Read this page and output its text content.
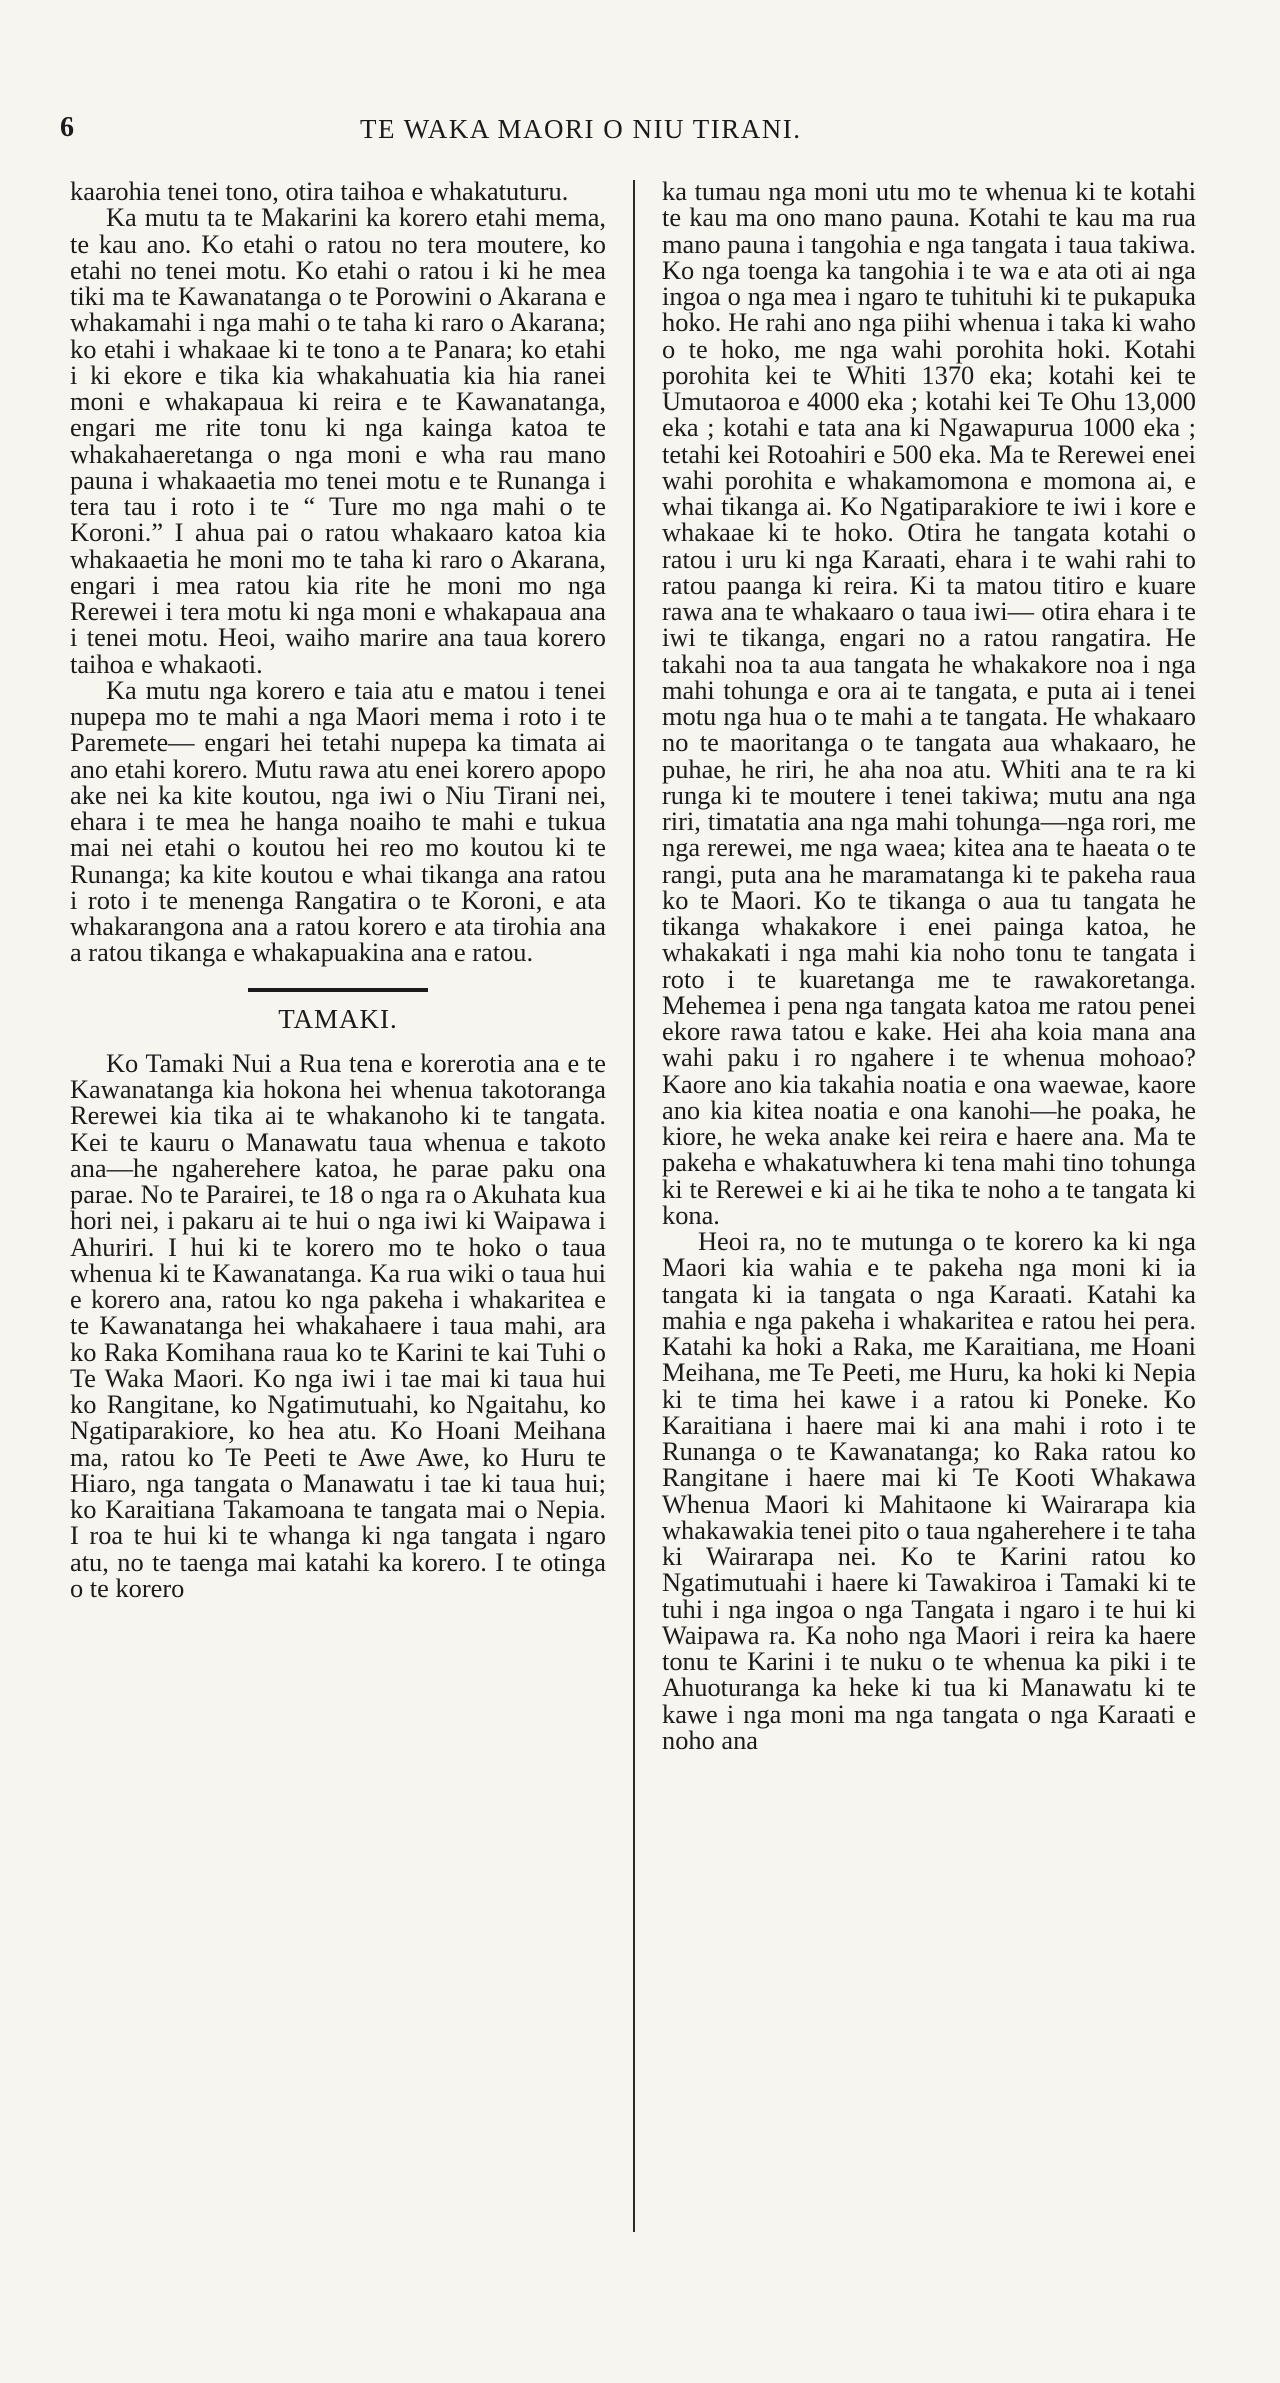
6	TE WAKA MAORI O NIU TIRANI.

kaarohia tenei tono, otira taihoa e whakatuturu.

Ka mutu ta te Makarini ka korero etahi mema, te kau ano. Ko etahi o ratou no tera moutere, ko etahi no tenei motu. Ko etahi o ratou i ki he mea tiki ma te Kawanatanga o te Porowini o Akarana e whakamahi i nga mahi o te taha ki raro o Akarana; ko etahi i whakaae ki te tono a te Panara; ko etahi i ki ekore e tika kia whakahuatia kia hia ranei moni e whakapaua ki reira e te Kawanatanga, engari me rite tonu ki nga kainga katoa te whakahaeretanga o nga moni e wha rau mano pauna i whakaaetia mo tenei motu e te Runanga i tera tau i roto i te “ Ture mo nga mahi o te Koroni.” I ahua pai o ratou whakaaro katoa kia whakaaetia he moni mo te taha ki raro o Akarana, engari i mea ratou kia rite he moni mo nga Rerewei i tera motu ki nga moni e whakapaua ana i tenei motu. Heoi, waiho marire ana taua korero taihoa e whakaoti.

Ka mutu nga korero e taia atu e matou i tenei nupepa mo te mahi a nga Maori mema i roto i te Paremete— engari hei tetahi nupepa ka timata ai ano etahi korero. Mutu rawa atu enei korero apopo ake nei ka kite koutou, nga iwi o Niu Tirani nei, ehara i te mea he hanga noaiho te mahi e tukua mai nei etahi o koutou hei reo mo koutou ki te Runanga; ka kite koutou e whai tikanga ana ratou i roto i te menenga Rangatira o te Koroni, e ata whakarangona ana a ratou korero e ata tirohia ana a ratou tikanga e whakapuakina ana e ratou.

TAMAKI.

Ko Tamaki Nui a Rua tena e korerotia ana e te Kawanatanga kia hokona hei whenua takotoranga Rerewei kia tika ai te whakanoho ki te tangata. Kei te kauru o Manawatu taua whenua e takoto ana—he ngaherehere katoa, he parae paku ona parae. No te Parairei, te 18 o nga ra o Akuhata kua hori nei, i pakaru ai te hui o nga iwi ki Waipawa i Ahuriri. I hui ki te korero mo te hoko o taua whenua ki te Kawanatanga. Ka rua wiki o taua hui e korero ana, ratou ko nga pakeha i whakaritea e te Kawanatanga hei whakahaere i taua mahi, ara ko Raka Komihana raua ko te Karini te kai Tuhi o Te Waka Maori. Ko nga iwi i tae mai ki taua hui ko Rangitane, ko Ngatimutuahi, ko Ngaitahu, ko Ngatiparakiore, ko hea atu. Ko Hoani Meihana ma, ratou ko Te Peeti te Awe Awe, ko Huru te Hiaro, nga tangata o Manawatu i tae ki taua hui; ko Karaitiana Takamoana te tangata mai o Nepia. I roa te hui ki te whanga ki nga tangata i ngaro atu, no te taenga mai katahi ka korero. I te otinga o te korero

ka tumau nga moni utu mo te whenua ki te kotahi te kau ma ono mano pauna. Kotahi te kau ma rua mano pauna i tangohia e nga tangata i taua takiwa. Ko nga toenga ka tangohia i te wa e ata oti ai nga ingoa o nga mea i ngaro te tuhituhi ki te pukapuka hoko. He rahi ano nga piihi whenua i taka ki waho o te hoko, me nga wahi porohita hoki. Kotahi porohita kei te Whiti 1370 eka; kotahi kei te Umutaoroa e 4000 eka ; kotahi kei Te Ohu 13,000 eka ; kotahi e tata ana ki Ngawapurua 1000 eka ; tetahi kei Rotoahiri e 500 eka. Ma te Rerewei enei wahi porohita e whakamomona e momona ai, e whai tikanga ai. Ko Ngatiparakiore te iwi i kore e whakaae ki te hoko. Otira he tangata kotahi o ratou i uru ki nga Karaati, ehara i te wahi rahi to ratou paanga ki reira. Ki ta matou titiro e kuare rawa ana te whakaaro o taua iwi— otira ehara i te iwi te tikanga, engari no a ratou rangatira. He takahi noa ta aua tangata he whakakore noa i nga mahi tohunga e ora ai te tangata, e puta ai i tenei motu nga hua o te mahi a te tangata. He whakaaro no te maoritanga o te tangata aua whakaaro, he puhae, he riri, he aha noa atu. Whiti ana te ra ki runga ki te moutere i tenei takiwa; mutu ana nga riri, timatatia ana nga mahi tohunga—nga rori, me nga rerewei, me nga waea; kitea ana te haeata o te rangi, puta ana he maramatanga ki te pakeha raua ko te Maori. Ko te tikanga o aua tu tangata he tikanga whakakore i enei painga katoa, he whakakati i nga mahi kia noho tonu te tangata i roto i te kuaretanga me te rawakoretanga. Mehemea i pena nga tangata katoa me ratou penei ekore rawa tatou e kake. Hei aha koia mana ana wahi paku i ro ngahere i te whenua mohoao? Kaore ano kia takahia noatia e ona waewae, kaore ano kia kitea noatia e ona kanohi—he poaka, he kiore, he weka anake kei reira e haere ana. Ma te pakeha e whakatuwhera ki tena mahi tino tohunga ki te Rerewei e ki ai he tika te noho a te tangata ki kona.

Heoi ra, no te mutunga o te korero ka ki nga Maori kia wahia e te pakeha nga moni ki ia tangata ki ia tangata o nga Karaati. Katahi ka mahia e nga pakeha i whakaritea e ratou hei pera. Katahi ka hoki a Raka, me Karaitiana, me Hoani Meihana, me Te Peeti, me Huru, ka hoki ki Nepia ki te tima hei kawe i a ratou ki Poneke. Ko Karaitiana i haere mai ki ana mahi i roto i te Runanga o te Kawanatanga; ko Raka ratou ko Rangitane i haere mai ki Te Kooti Whakawa Whenua Maori ki Mahitaone ki Wairarapa kia whakawakia tenei pito o taua ngaherehere i te taha ki Wairarapa nei. Ko te Karini ratou ko Ngatimutuahi i haere ki Tawakiroa i Tamaki ki te tuhi i nga ingoa o nga Tangata i ngaro i te hui ki Waipawa ra. Ka noho nga Maori i reira ka haere tonu te Karini i te nuku o te whenua ka piki i te Ahuoturanga ka heke ki tua ki Manawatu ki te kawe i nga moni ma nga tangata o nga Karaati e noho ana
